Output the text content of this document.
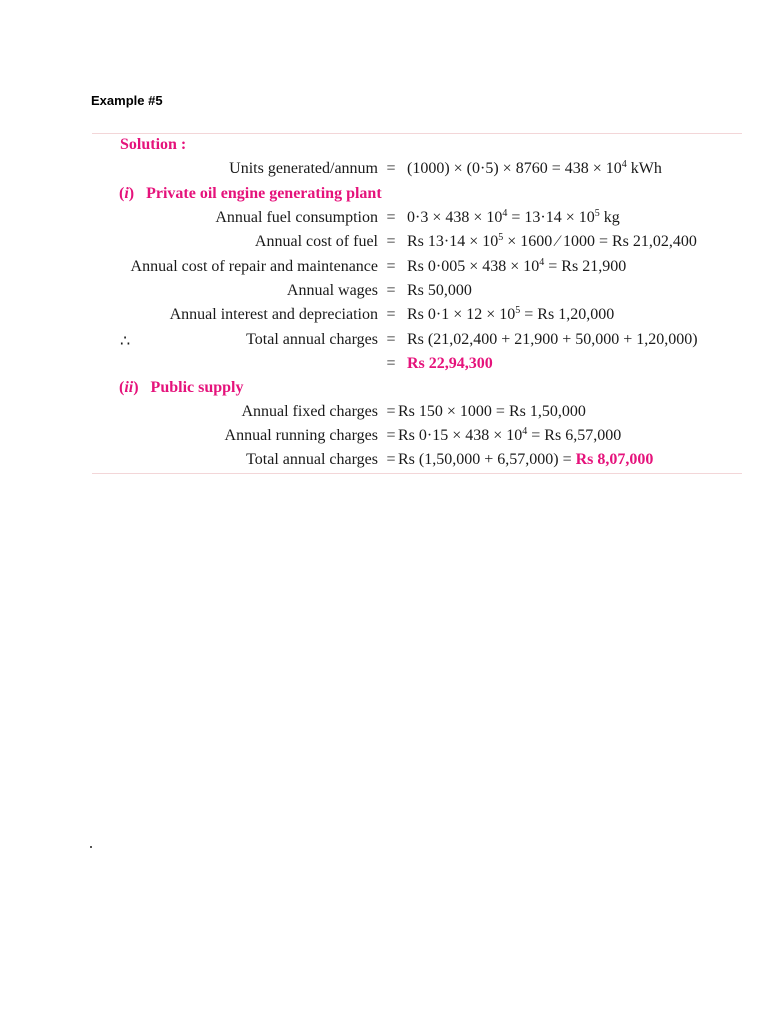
Example #5
Solution :
Units generated/annum = $(1000) \times (0\cdot 5) \times 8760 = 438 \times 10^4$ kWh
(i) Private oil engine generating plant
Annual fuel consumption = $0\cdot 3 \times 438 \times 10^4 = 13\cdot 14 \times 10^5$ kg
Annual cost of fuel = Rs $13\cdot 14 \times 10^5 \times 1600$ ⁄ 1000 = Rs 21,02,400
Annual cost of repair and maintenance = Rs $0\cdot 005 \times 438 \times 10^4 = Rs$ 21,900
Annual wages = Rs 50,000
Annual interest and depreciation = Rs $0\cdot 1 \times 12 \times 10^5 = Rs$ 1,20,000
∴	Total annual charges = Rs (21,02,400 + 21,900 + 50,000 + 1,20,000)
= Rs 22,94,300
(ii) Public supply
Annual fixed charges = Rs 150 × 1000 = Rs 1,50,000
Annual running charges = Rs $0\cdot 15 \times 438 \times 10^4 = Rs$ 6,57,000
Total annual charges = Rs (1,50,000 + 6,57,000) = Rs 8,07,000
